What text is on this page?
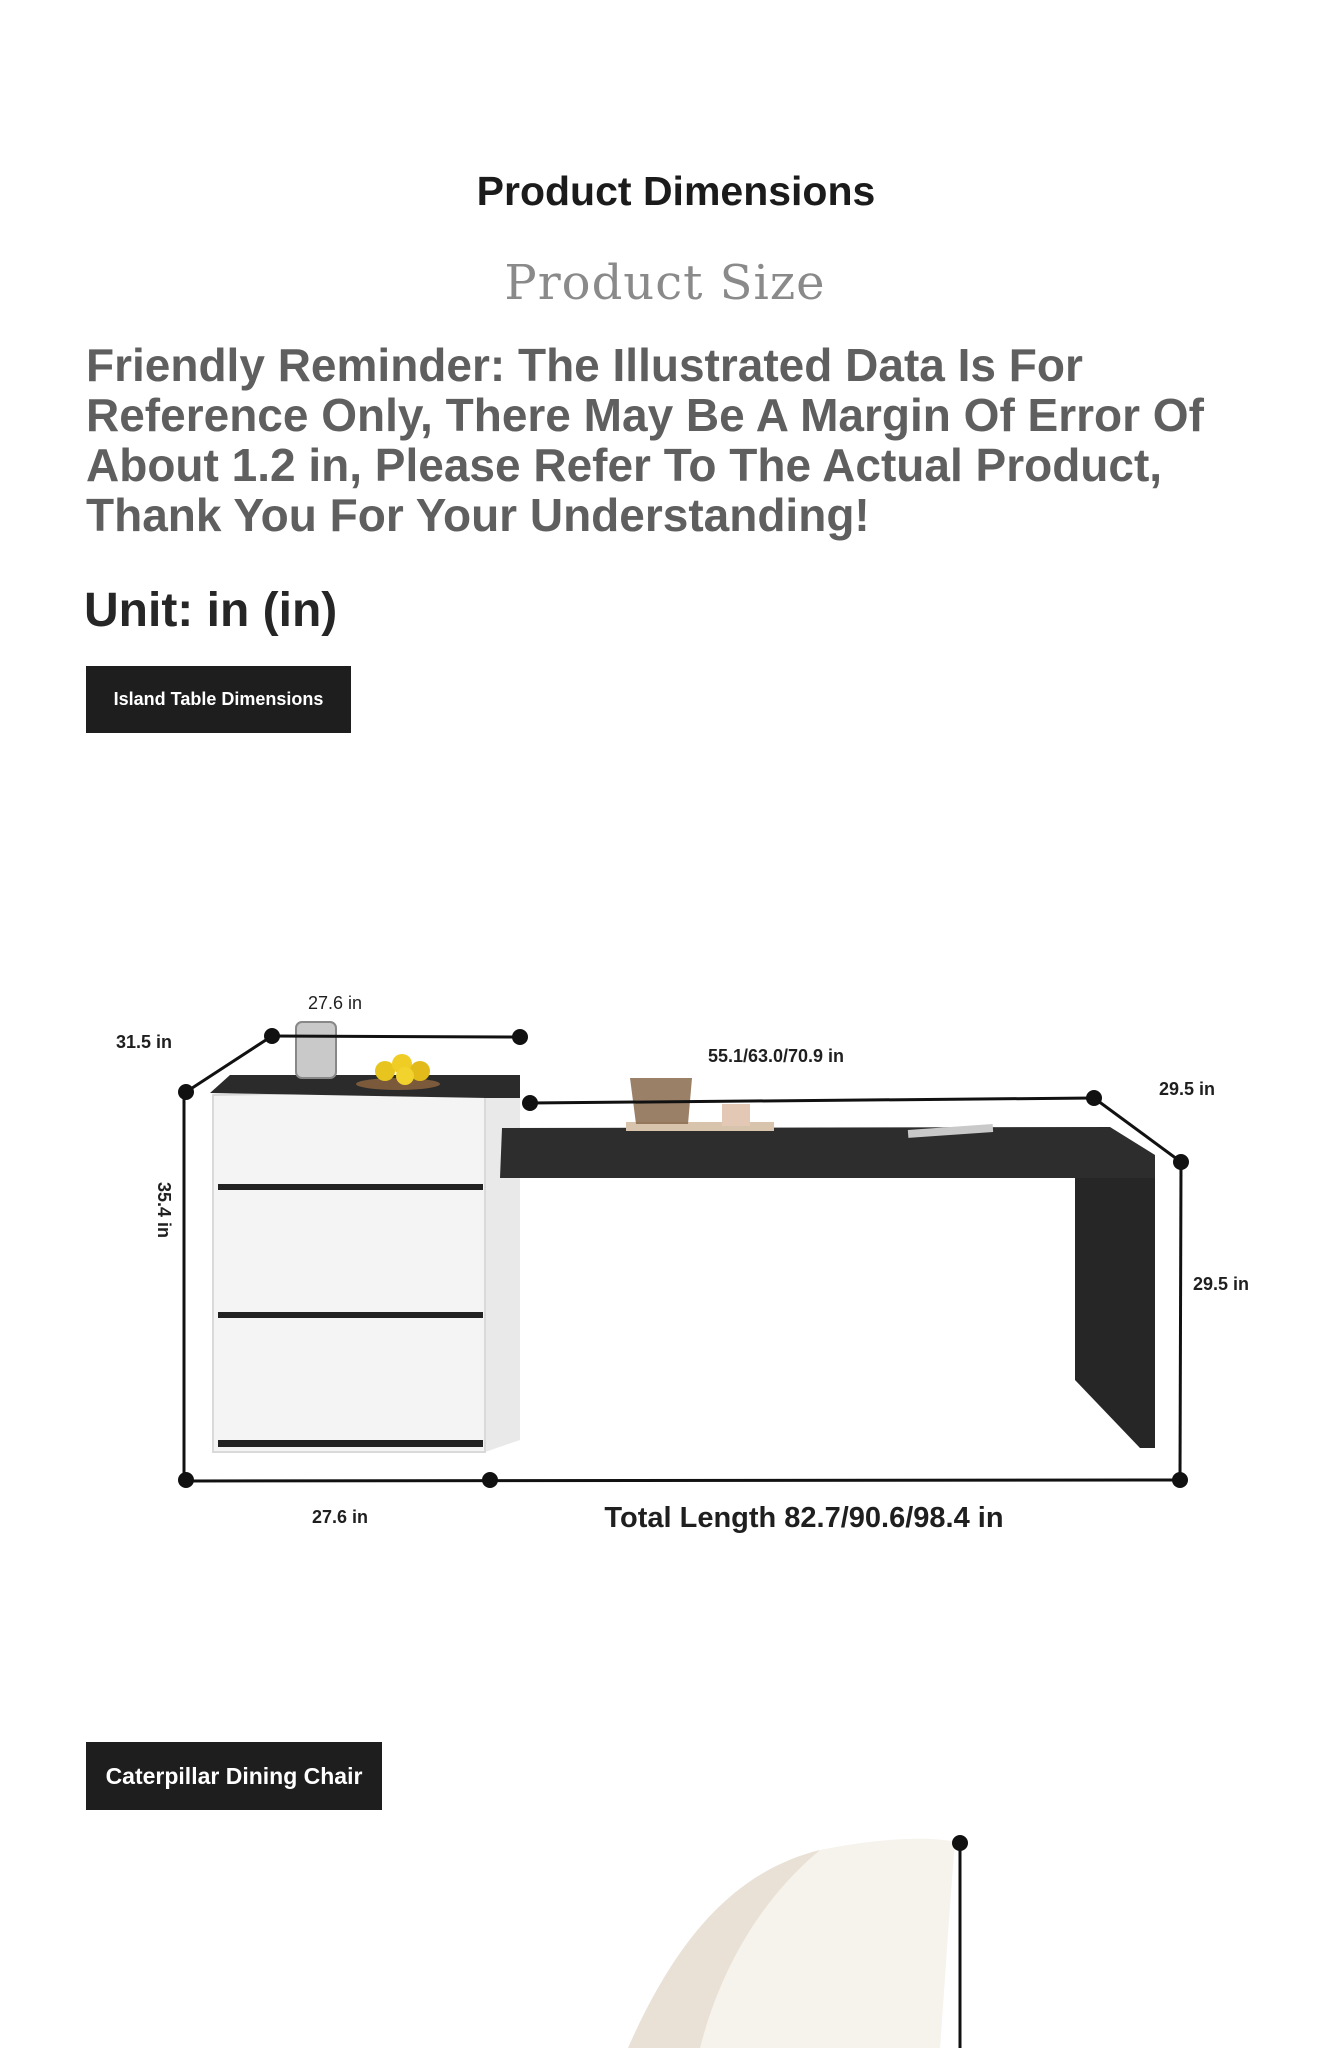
Product Dimensions
Product Size
Friendly Reminder: The Illustrated Data Is For Reference Only, There May Be A Margin Of Error Of About 1.2 in, Please Refer To The Actual Product, Thank You For Your Understanding!
Unit: in (in)
Island Table Dimensions
27.6 in
31.5 in
35.4 in
55.1/63.0/70.9 in
29.5 in
29.5 in
27.6 in	Total Length 82.7/90.6/98.4 in
Caterpillar Dining Chair
